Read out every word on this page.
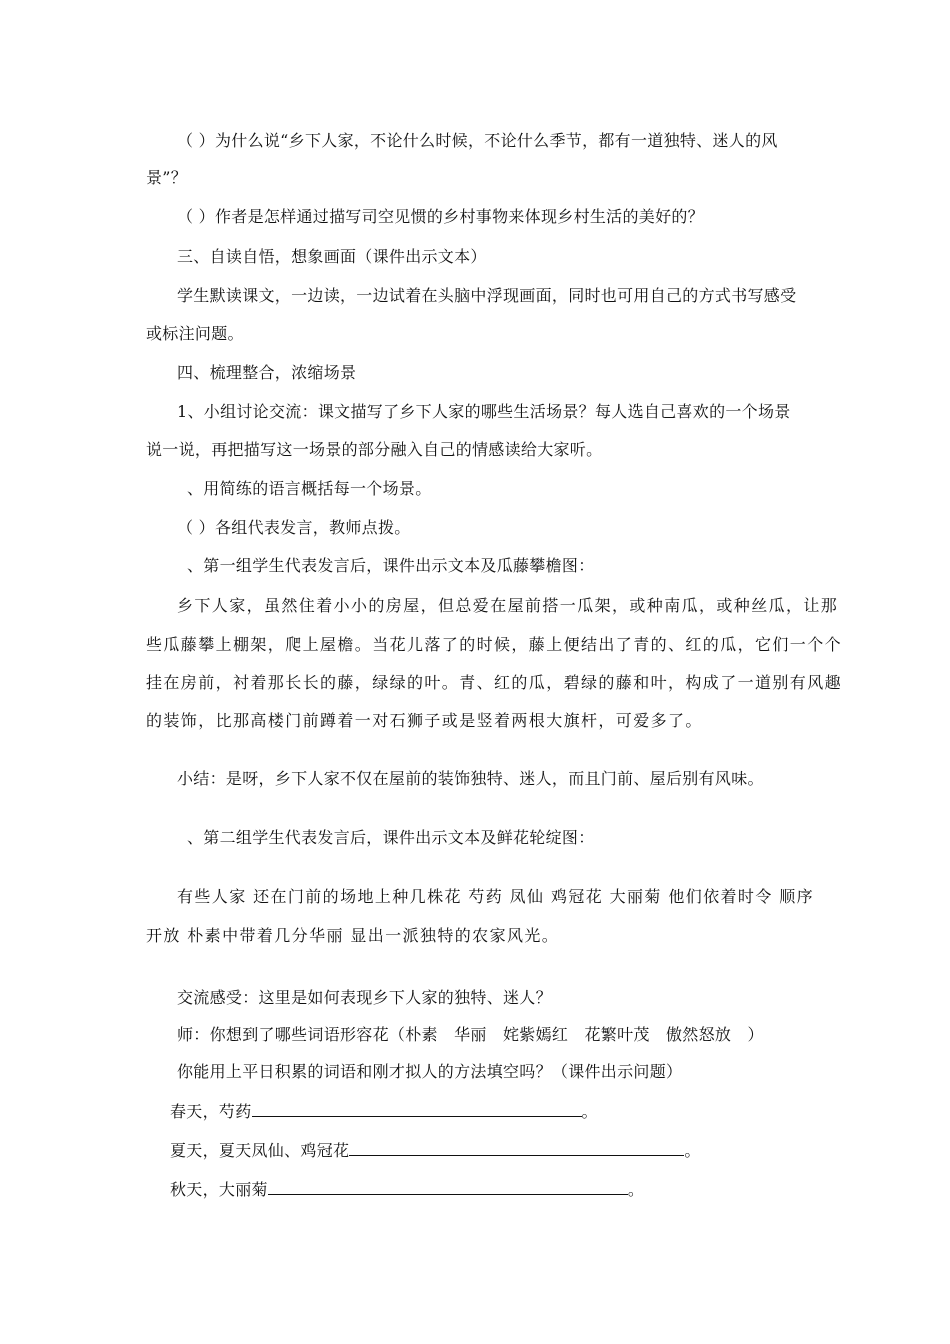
（ ）为什么说“乡下人家，不论什么时候，不论什么季节，都有一道独特、迷人的风
景”？
（ ）作者是怎样通过描写司空见惯的乡村事物来体现乡村生活的美好的？
三、自读自悟，想象画面（课件出示文本）
学生默读课文，一边读，一边试着在头脑中浮现画面，同时也可用自己的方式书写感受
或标注问题。
四、梳理整合，浓缩场景
1、小组讨论交流：课文描写了乡下人家的哪些生活场景？每人选自己喜欢的一个场景
说一说，再把描写这一场景的部分融入自己的情感读给大家听。
、用简练的语言概括每一个场景。
（ ）各组代表发言，教师点拨。
、第一组学生代表发言后，课件出示文本及瓜藤攀檐图：
乡下人家，虽然住着小小的房屋，但总爱在屋前搭一瓜架，或种南瓜，或种丝瓜，让那
些瓜藤攀上棚架，爬上屋檐。当花儿落了的时候，藤上便结出了青的、红的瓜，它们一个个
挂在房前，衬着那长长的藤，绿绿的叶。青、红的瓜，碧绿的藤和叶，构成了一道别有风趣
的装饰，比那高楼门前蹲着一对石狮子或是竖着两根大旗杆，可爱多了。
小结：是呀，乡下人家不仅在屋前的装饰独特、迷人，而且门前、屋后别有风味。
、第二组学生代表发言后，课件出示文本及鲜花轮绽图：
有些人家 还在门前的场地上种几株花 芍药 凤仙 鸡冠花 大丽菊 他们依着时令 顺序
开放 朴素中带着几分华丽 显出一派独特的农家风光。
交流感受：这里是如何表现乡下人家的独特、迷人？
师：你想到了哪些词语形容花（朴素　华丽　姹紫嫣红　花繁叶茂　傲然怒放　）
你能用上平日积累的词语和刚才拟人的方法填空吗？（课件出示问题）
春天，芍药	。
夏天，夏天凤仙、鸡冠花	。
秋天，大丽菊	。
